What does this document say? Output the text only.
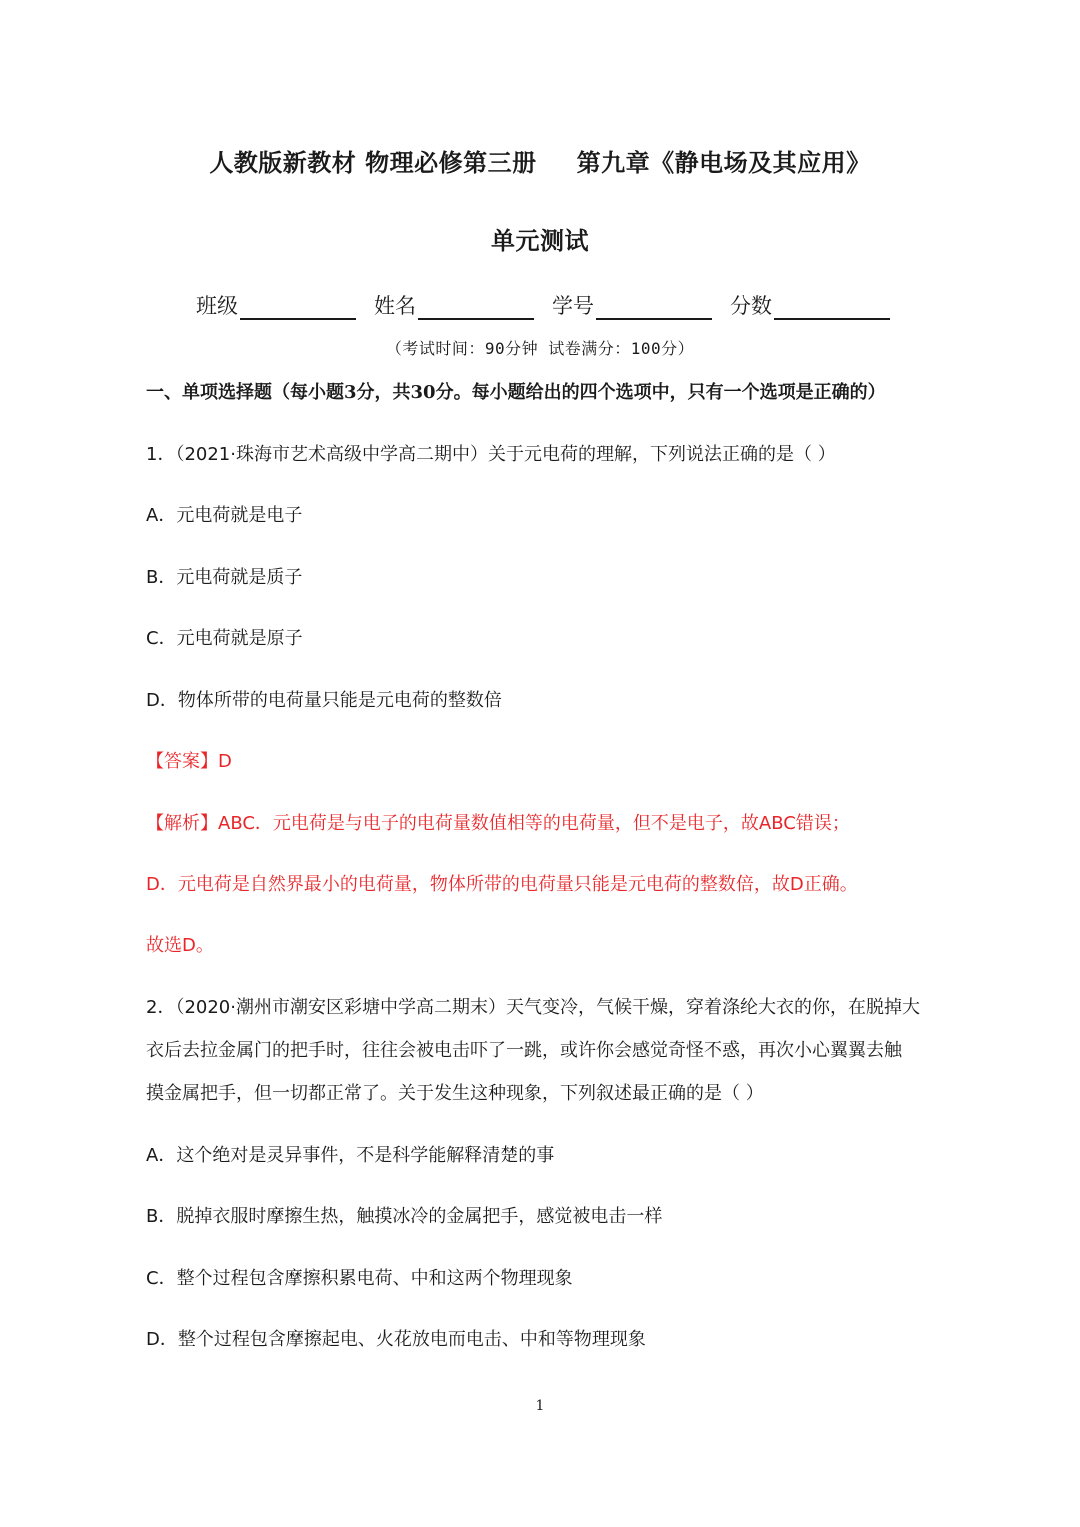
人教版新教材 物理必修第三册 第九章《静电场及其应用》
单元测试
班级	姓名	学号	分数
（考试时间：90分钟 试卷满分：100分）
一、单项选择题（每小题3分，共30分。每小题给出的四个选项中，只有一个选项是正确的）
1．（2021·珠海市艺术高级中学高二期中）关于元电荷的理解，下列说法正确的是（ ）
A．元电荷就是电子
B．元电荷就是质子
C．元电荷就是原子
D．物体所带的电荷量只能是元电荷的整数倍
【答案】D
【解析】ABC．元电荷是与电子的电荷量数值相等的电荷量，但不是电子，故ABC错误；
D．元电荷是自然界最小的电荷量，物体所带的电荷量只能是元电荷的整数倍，故D正确。
故选D。
2．（2020·潮州市潮安区彩塘中学高二期末）天气变冷，气候干燥，穿着涤纶大衣的你，在脱掉大
衣后去拉金属门的把手时，往往会被电击吓了一跳，或许你会感觉奇怪不惑，再次小心翼翼去触
摸金属把手，但一切都正常了。关于发生这种现象，下列叙述最正确的是（ ）
A．这个绝对是灵异事件，不是科学能解释清楚的事
B．脱掉衣服时摩擦生热，触摸冰冷的金属把手，感觉被电击一样
C．整个过程包含摩擦积累电荷、中和这两个物理现象
D．整个过程包含摩擦起电、火花放电而电击、中和等物理现象
1
